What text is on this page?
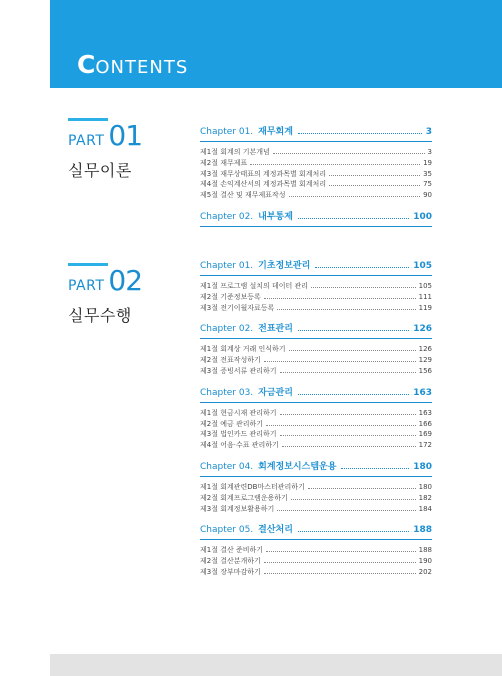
CONTENTS
PART 01
실무이론
PART 02
실무수행
Chapter 01. 재무회계	3
제1절 회계의 기본개념	3
제2절 재무제표	19
제3절 재무상태표의 계정과목별 회계처리	35
제4절 손익계산서의 계정과목별 회계처리	75
제5절 결산 및 재무제표작성	90
Chapter 02. 내부통제	100
Chapter 01. 기초정보관리	105
제1절 프로그램 설치의 데이터 관리	105
제2절 기준정보등록	111
제3절 전기이월자료등록	119
Chapter 02. 전표관리	126
제1절 회계상 거래 인식하기	126
제2절 전표작성하기	129
제3절 증빙서류 관리하기	156
Chapter 03. 자금관리	163
제1절 현금시재 관리하기	163
제2절 예금 관리하기	166
제3절 법인카드 관리하기	169
제4절 어음·수표 관리하기	172
Chapter 04. 회계정보시스템운용	180
제1절 회계관련DB마스터관리하기	180
제2절 회계프로그램운용하기	182
제3절 회계정보활용하기	184
Chapter 05. 결산처리	188
제1절 결산 준비하기	188
제2절 결산분개하기	190
제3절 장부마감하기	202
